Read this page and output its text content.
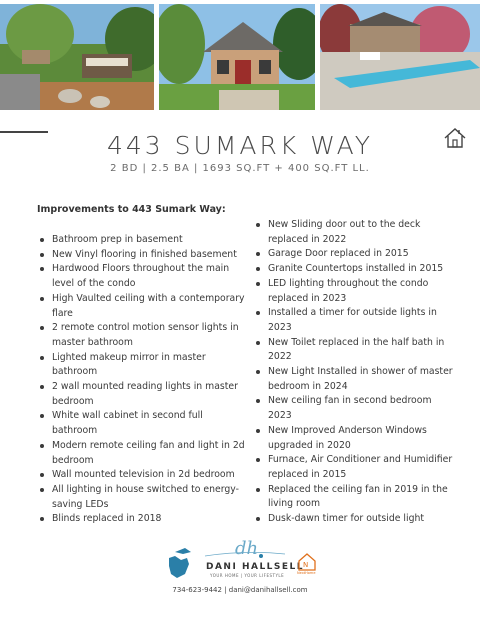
443 SUMARK WAY
2 BD | 2.5 BA | 1693 SQ.FT + 400 SQ.FT LL.
Improvements to 443 Sumark Way:
Bathroom prep in basement
New Vinyl flooring in finished basement
Hardwood Floors throughout the main level of the condo
High Vaulted ceiling with a contemporary flare
2 remote control motion sensor lights in master bathroom
Lighted makeup mirror in master bathroom
2 wall mounted reading lights in master bedroom
White wall cabinet in second full bathroom
Modern remote ceiling fan and light in 2d bedroom
Wall mounted television in 2d bedroom
All lighting in house switched to energy-saving LEDs
Blinds replaced in 2018
New Sliding door out to the deck replaced in 2022
Garage Door replaced in 2015
Granite Countertops installed in 2015
LED lighting throughout the condo replaced in 2023
Installed a timer for outside lights in 2023
New Toilet replaced in the half bath in 2022
New Light Installed in shower of master bedroom in 2024
New ceiling fan in second bedroom 2023
New Improved Anderson Windows upgraded in 2020
Furnace, Air Conditioner and Humidifier replaced in 2015
Replaced the ceiling fan in 2019 in the living room
Dusk-dawn timer for outside light
dh
DANI HALLSELL
YOUR HOME | YOUR LIFESTYLE
N
NextHome
734-623-9442 | dani@danihallsell.com
